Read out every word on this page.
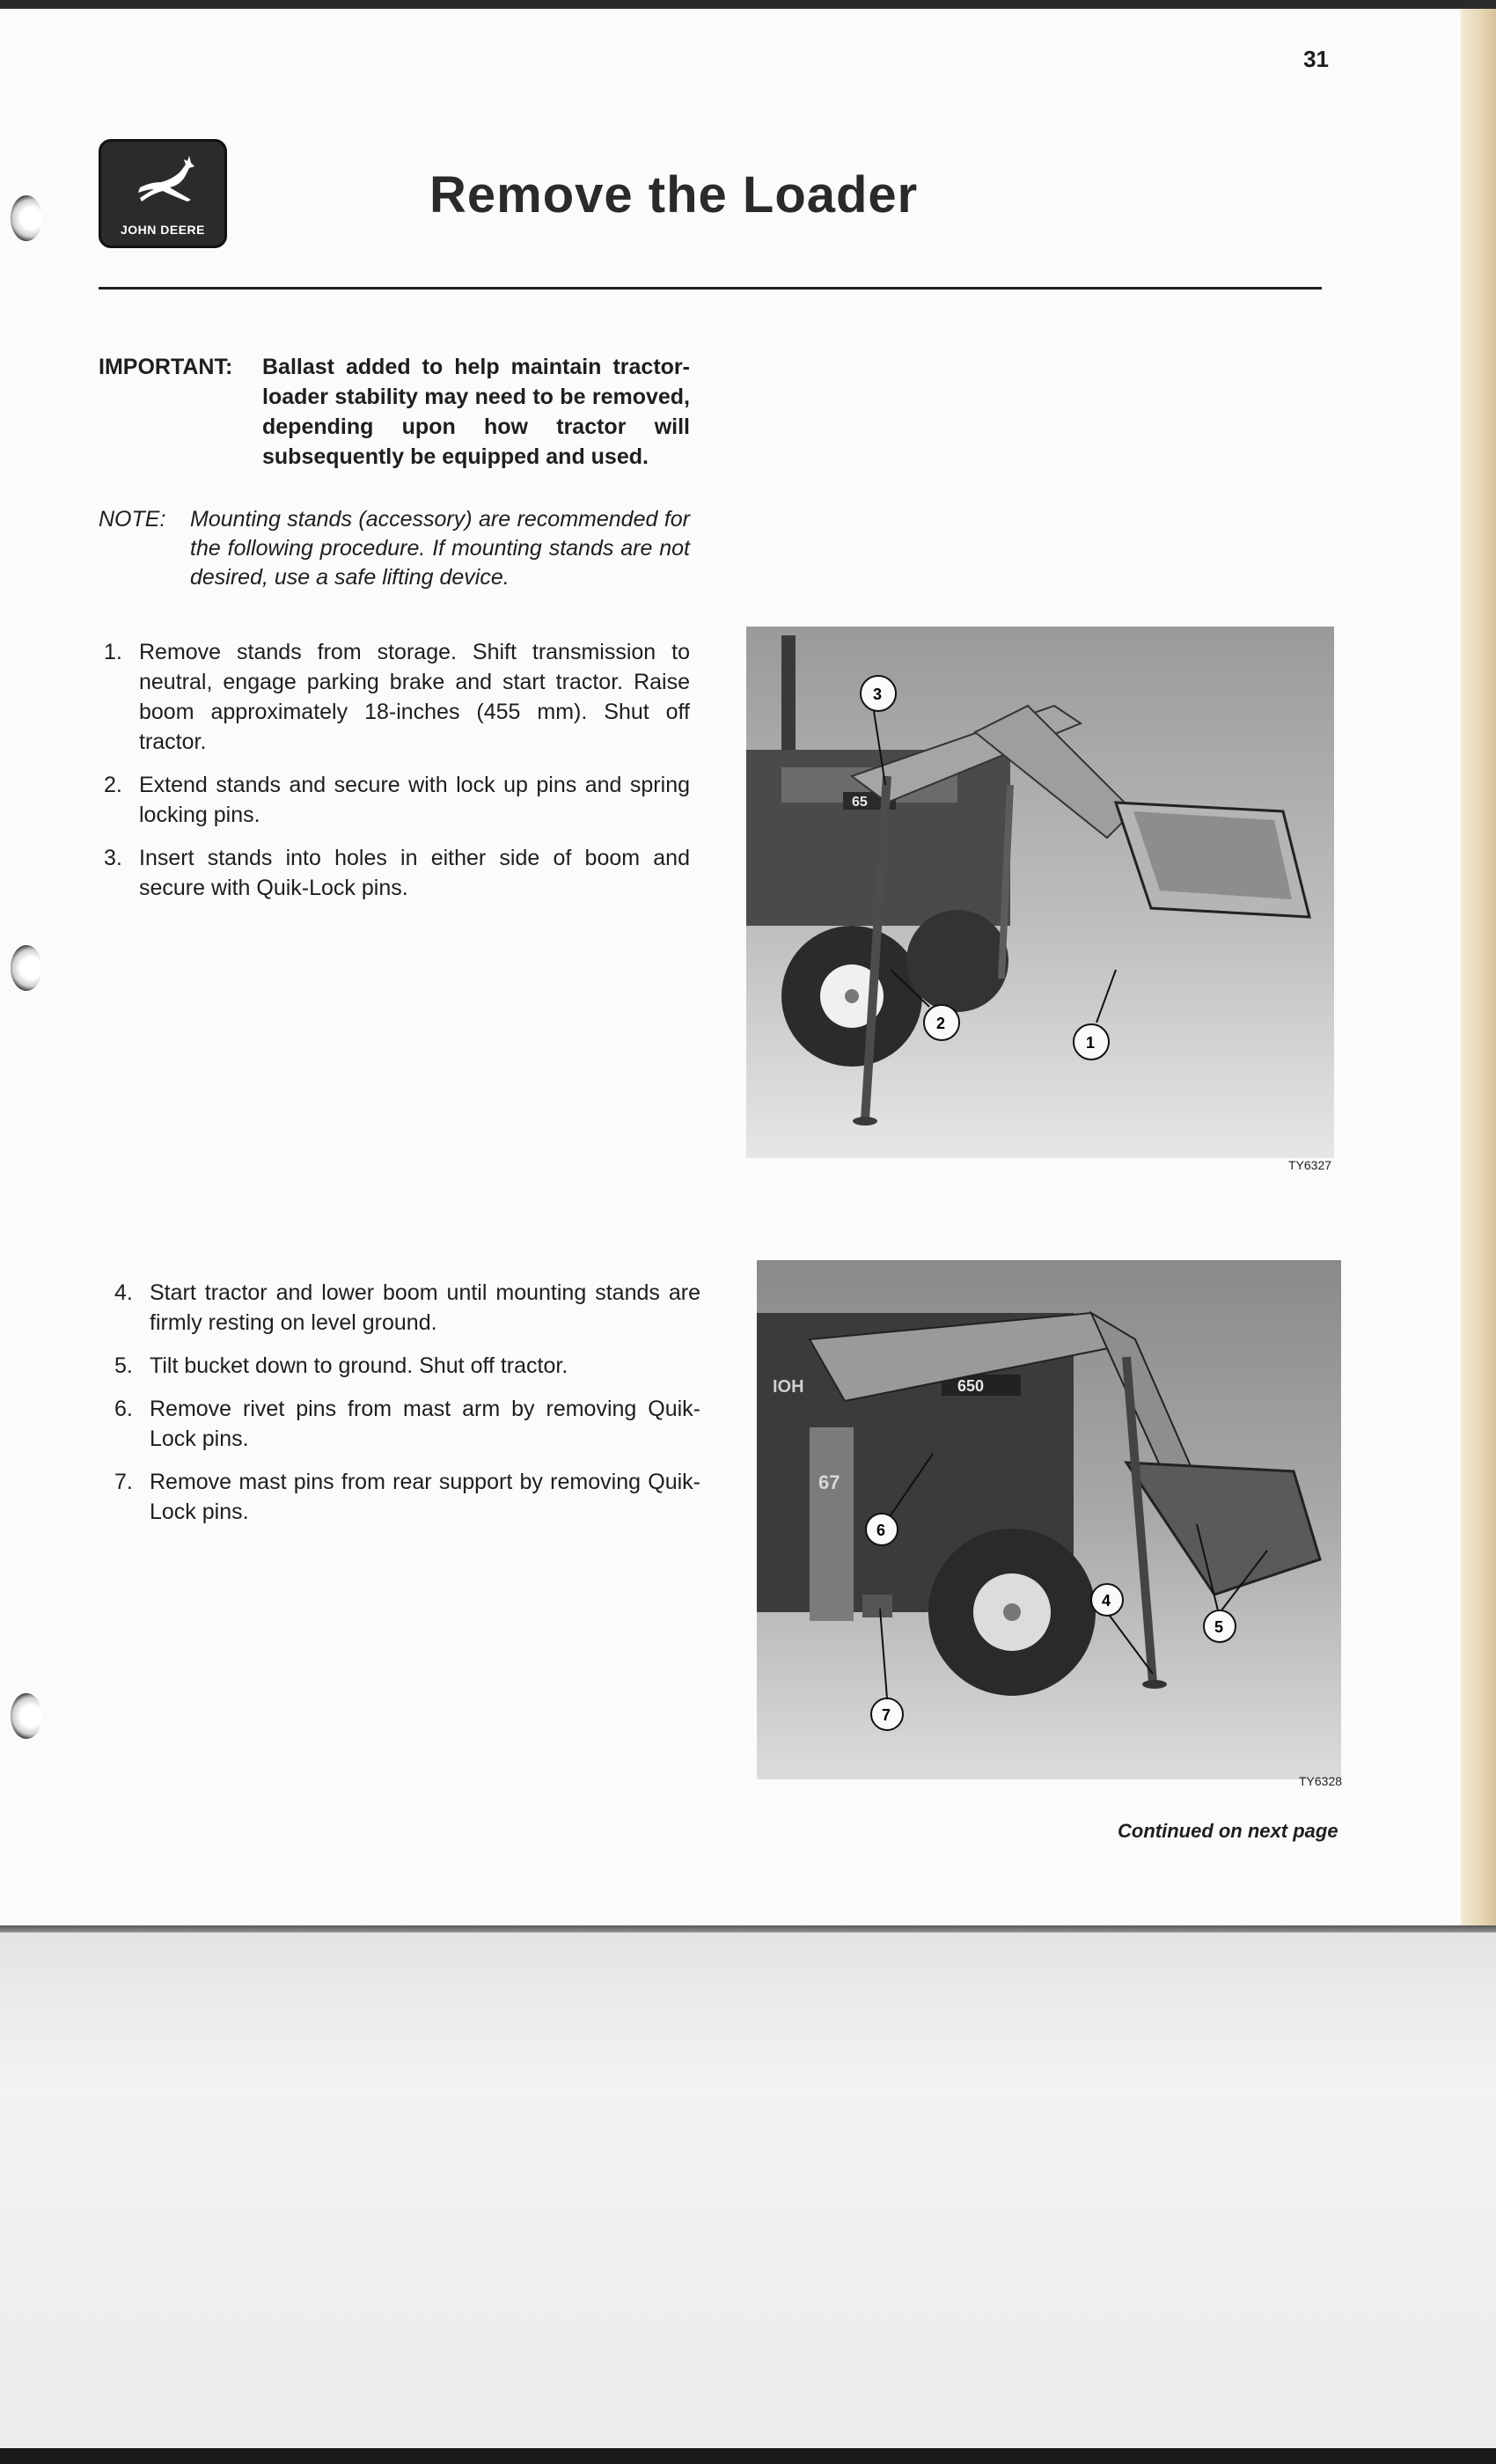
31
JOHN DEERE
Remove the Loader
IMPORTANT: Ballast added to help maintain tractor-loader stability may need to be removed, depending upon how tractor will subsequently be equipped and used.
NOTE: Mounting stands (accessory) are recommended for the following procedure. If mounting stands are not desired, use a safe lifting device.
1. Remove stands from storage. Shift transmission to neutral, engage parking brake and start tractor. Raise boom approximately 18-inches (455 mm). Shut off tractor.
2. Extend stands and secure with lock up pins and spring locking pins.
3. Insert stands into holes in either side of boom and secure with Quik-Lock pins.
65
3
2
1
TY6327
4. Start tractor and lower boom until mounting stands are firmly resting on level ground.
5. Tilt bucket down to ground. Shut off tractor.
6. Remove rivet pins from mast arm by removing Quik-Lock pins.
7. Remove mast pins from rear support by removing Quik-Lock pins.
650
IOH
67
6
4
5
7
TY6328
Continued on next page
